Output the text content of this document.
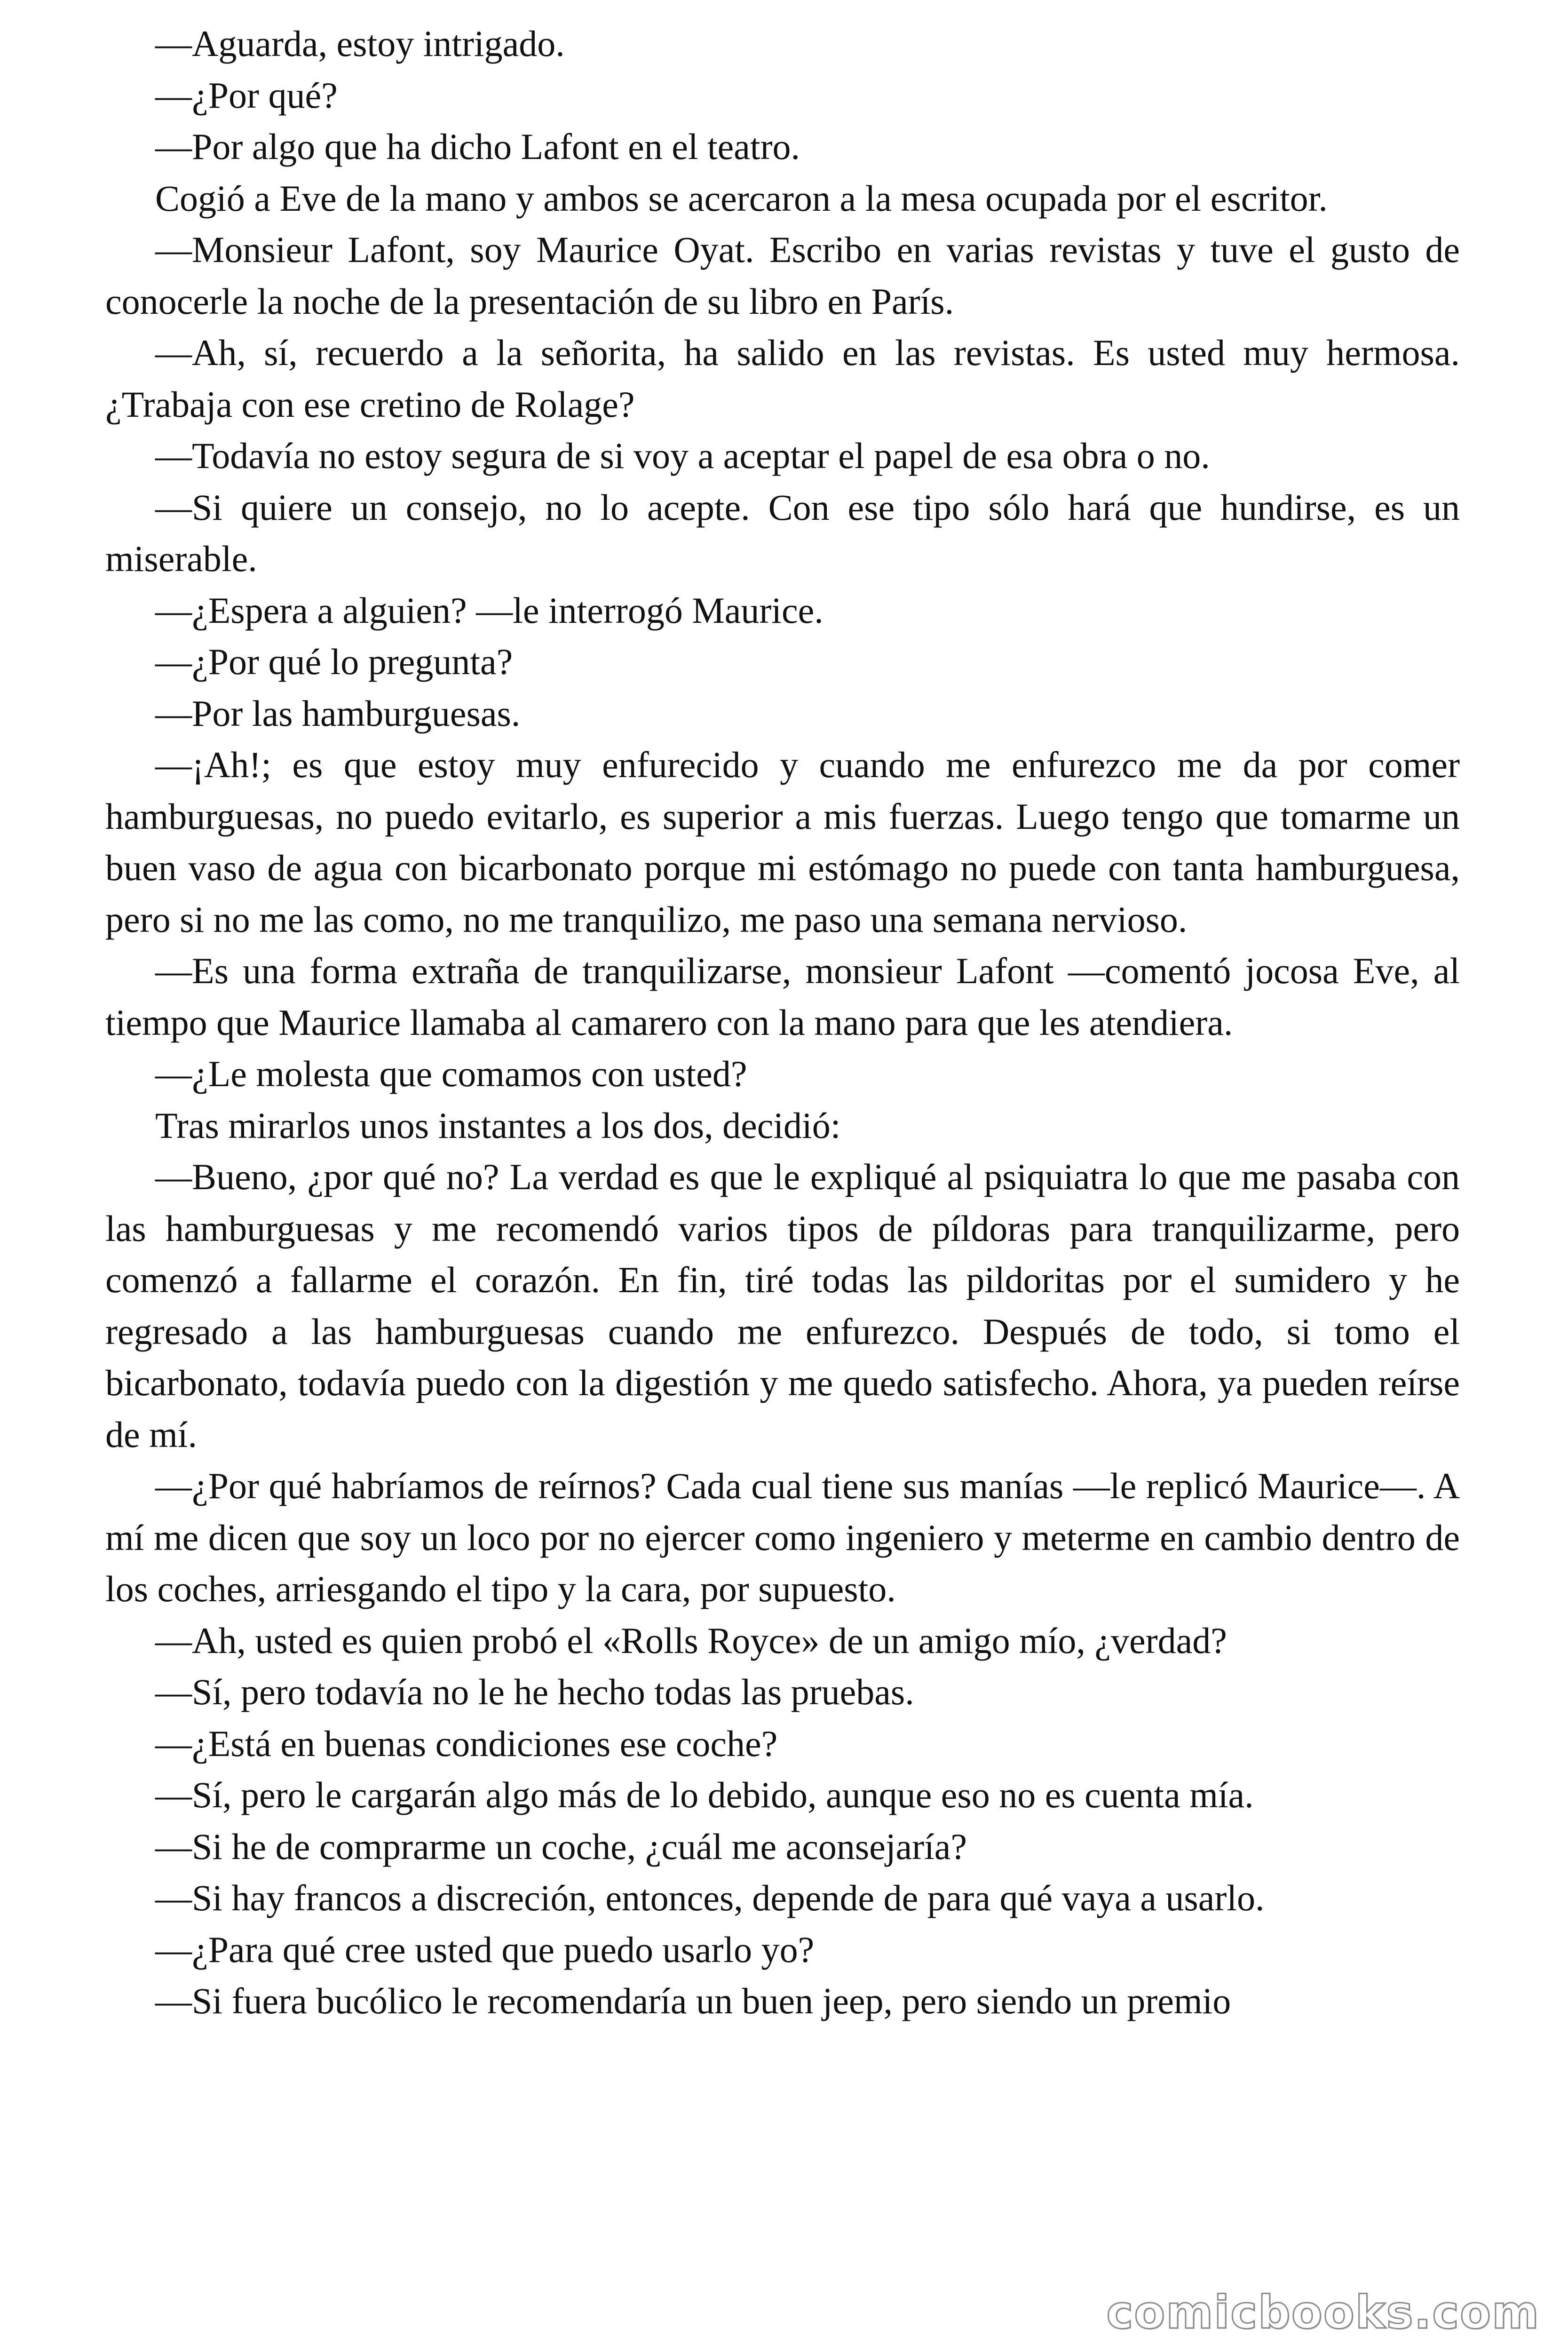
—Aguarda, estoy intrigado.

—¿Por qué?

—Por algo que ha dicho Lafont en el teatro.

Cogió a Eve de la mano y ambos se acercaron a la mesa ocupada por el escritor.

—Monsieur Lafont, soy Maurice Oyat. Escribo en varias revistas y tuve el gusto de conocerle la noche de la presentación de su libro en París.

—Ah, sí, recuerdo a la señorita, ha salido en las revistas. Es usted muy hermosa. ¿Trabaja con ese cretino de Rolage?

—Todavía no estoy segura de si voy a aceptar el papel de esa obra o no.

—Si quiere un consejo, no lo acepte. Con ese tipo sólo hará que hundirse, es un miserable.

—¿Espera a alguien? —le interrogó Maurice.

—¿Por qué lo pregunta?

—Por las hamburguesas.

—¡Ah!; es que estoy muy enfurecido y cuando me enfurezco me da por comer hamburguesas, no puedo evitarlo, es superior a mis fuerzas. Luego tengo que tomarme un buen vaso de agua con bicarbonato porque mi estómago no puede con tanta hamburguesa, pero si no me las como, no me tranquilizo, me paso una semana nervioso.

—Es una forma extraña de tranquilizarse, monsieur Lafont —comentó jocosa Eve, al tiempo que Maurice llamaba al camarero con la mano para que les atendiera.

—¿Le molesta que comamos con usted?

Tras mirarlos unos instantes a los dos, decidió:

—Bueno, ¿por qué no? La verdad es que le expliqué al psiquiatra lo que me pasaba con las hamburguesas y me recomendó varios tipos de píldoras para tranquilizarme, pero comenzó a fallarme el corazón. En fin, tiré todas las pildoritas por el sumidero y he regresado a las hamburguesas cuando me enfurezco. Después de todo, si tomo el bicarbonato, todavía puedo con la digestión y me quedo satisfecho. Ahora, ya pueden reírse de mí.

—¿Por qué habríamos de reírnos? Cada cual tiene sus manías —le replicó Maurice—. A mí me dicen que soy un loco por no ejercer como ingeniero y meterme en cambio dentro de los coches, arriesgando el tipo y la cara, por supuesto.

—Ah, usted es quien probó el «Rolls Royce» de un amigo mío, ¿verdad?

—Sí, pero todavía no le he hecho todas las pruebas.

—¿Está en buenas condiciones ese coche?

—Sí, pero le cargarán algo más de lo debido, aunque eso no es cuenta mía.

—Si he de comprarme un coche, ¿cuál me aconsejaría?

—Si hay francos a discreción, entonces, depende de para qué vaya a usarlo.

—¿Para qué cree usted que puedo usarlo yo?

—Si fuera bucólico le recomendaría un buen jeep, pero siendo un premio

comicbooks.com
